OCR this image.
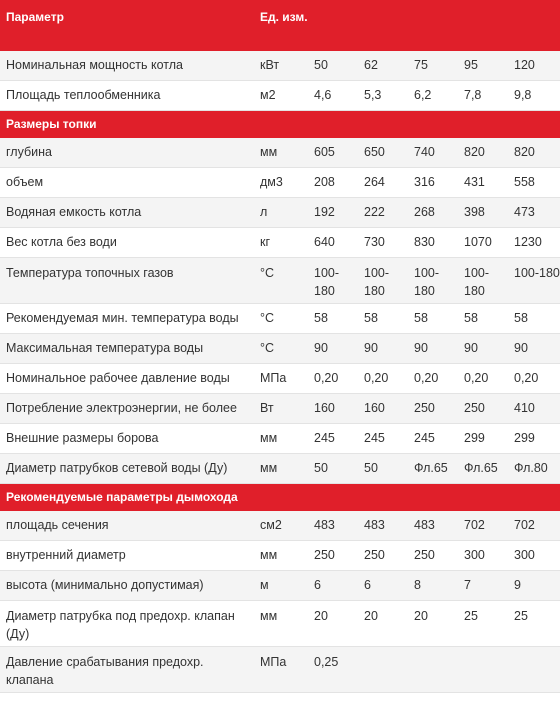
Параметр	Ед. изм.					
Номинальная мощность котла	кВт	50	62	75	95	120
Площадь теплообменника	м2	4,6	5,3	6,2	7,8	9,8
Размеры топки						
глубина	мм	605	650	740	820	820
объем	дм3	208	264	316	431	558
Водяная емкость котла	л	192	222	268	398	473
Вес котла без води	кг	640	730	830	1070	1230
Температура топочных газов	°С	100-180	100-180	100-180	100-180	100-180
Рекомендуемая мин. температура воды	°С	58	58	58	58	58
Максимальная температура воды	°С	90	90	90	90	90
Номинальное рабочее давление воды	МПа	0,20	0,20	0,20	0,20	0,20
Потребление электроэнергии, не более	Вт	160	160	250	250	410
Внешние размеры борова	мм	245	245	245	299	299
Диаметр патрубков сетевой воды (Ду)	мм	50	50	Фл.65	Фл.65	Фл.80
Рекомендуемые параметры дымохода						
площадь сечения	см2	483	483	483	702	702
внутренний диаметр	мм	250	250	250	300	300
высота (минимально допустимая)	м	6	6	8	7	9
Диаметр патрубка под предохр. клапан (Ду)	мм	20	20	20	25	25
Давление срабатывания предохр. клапана	МПа	0,25				
